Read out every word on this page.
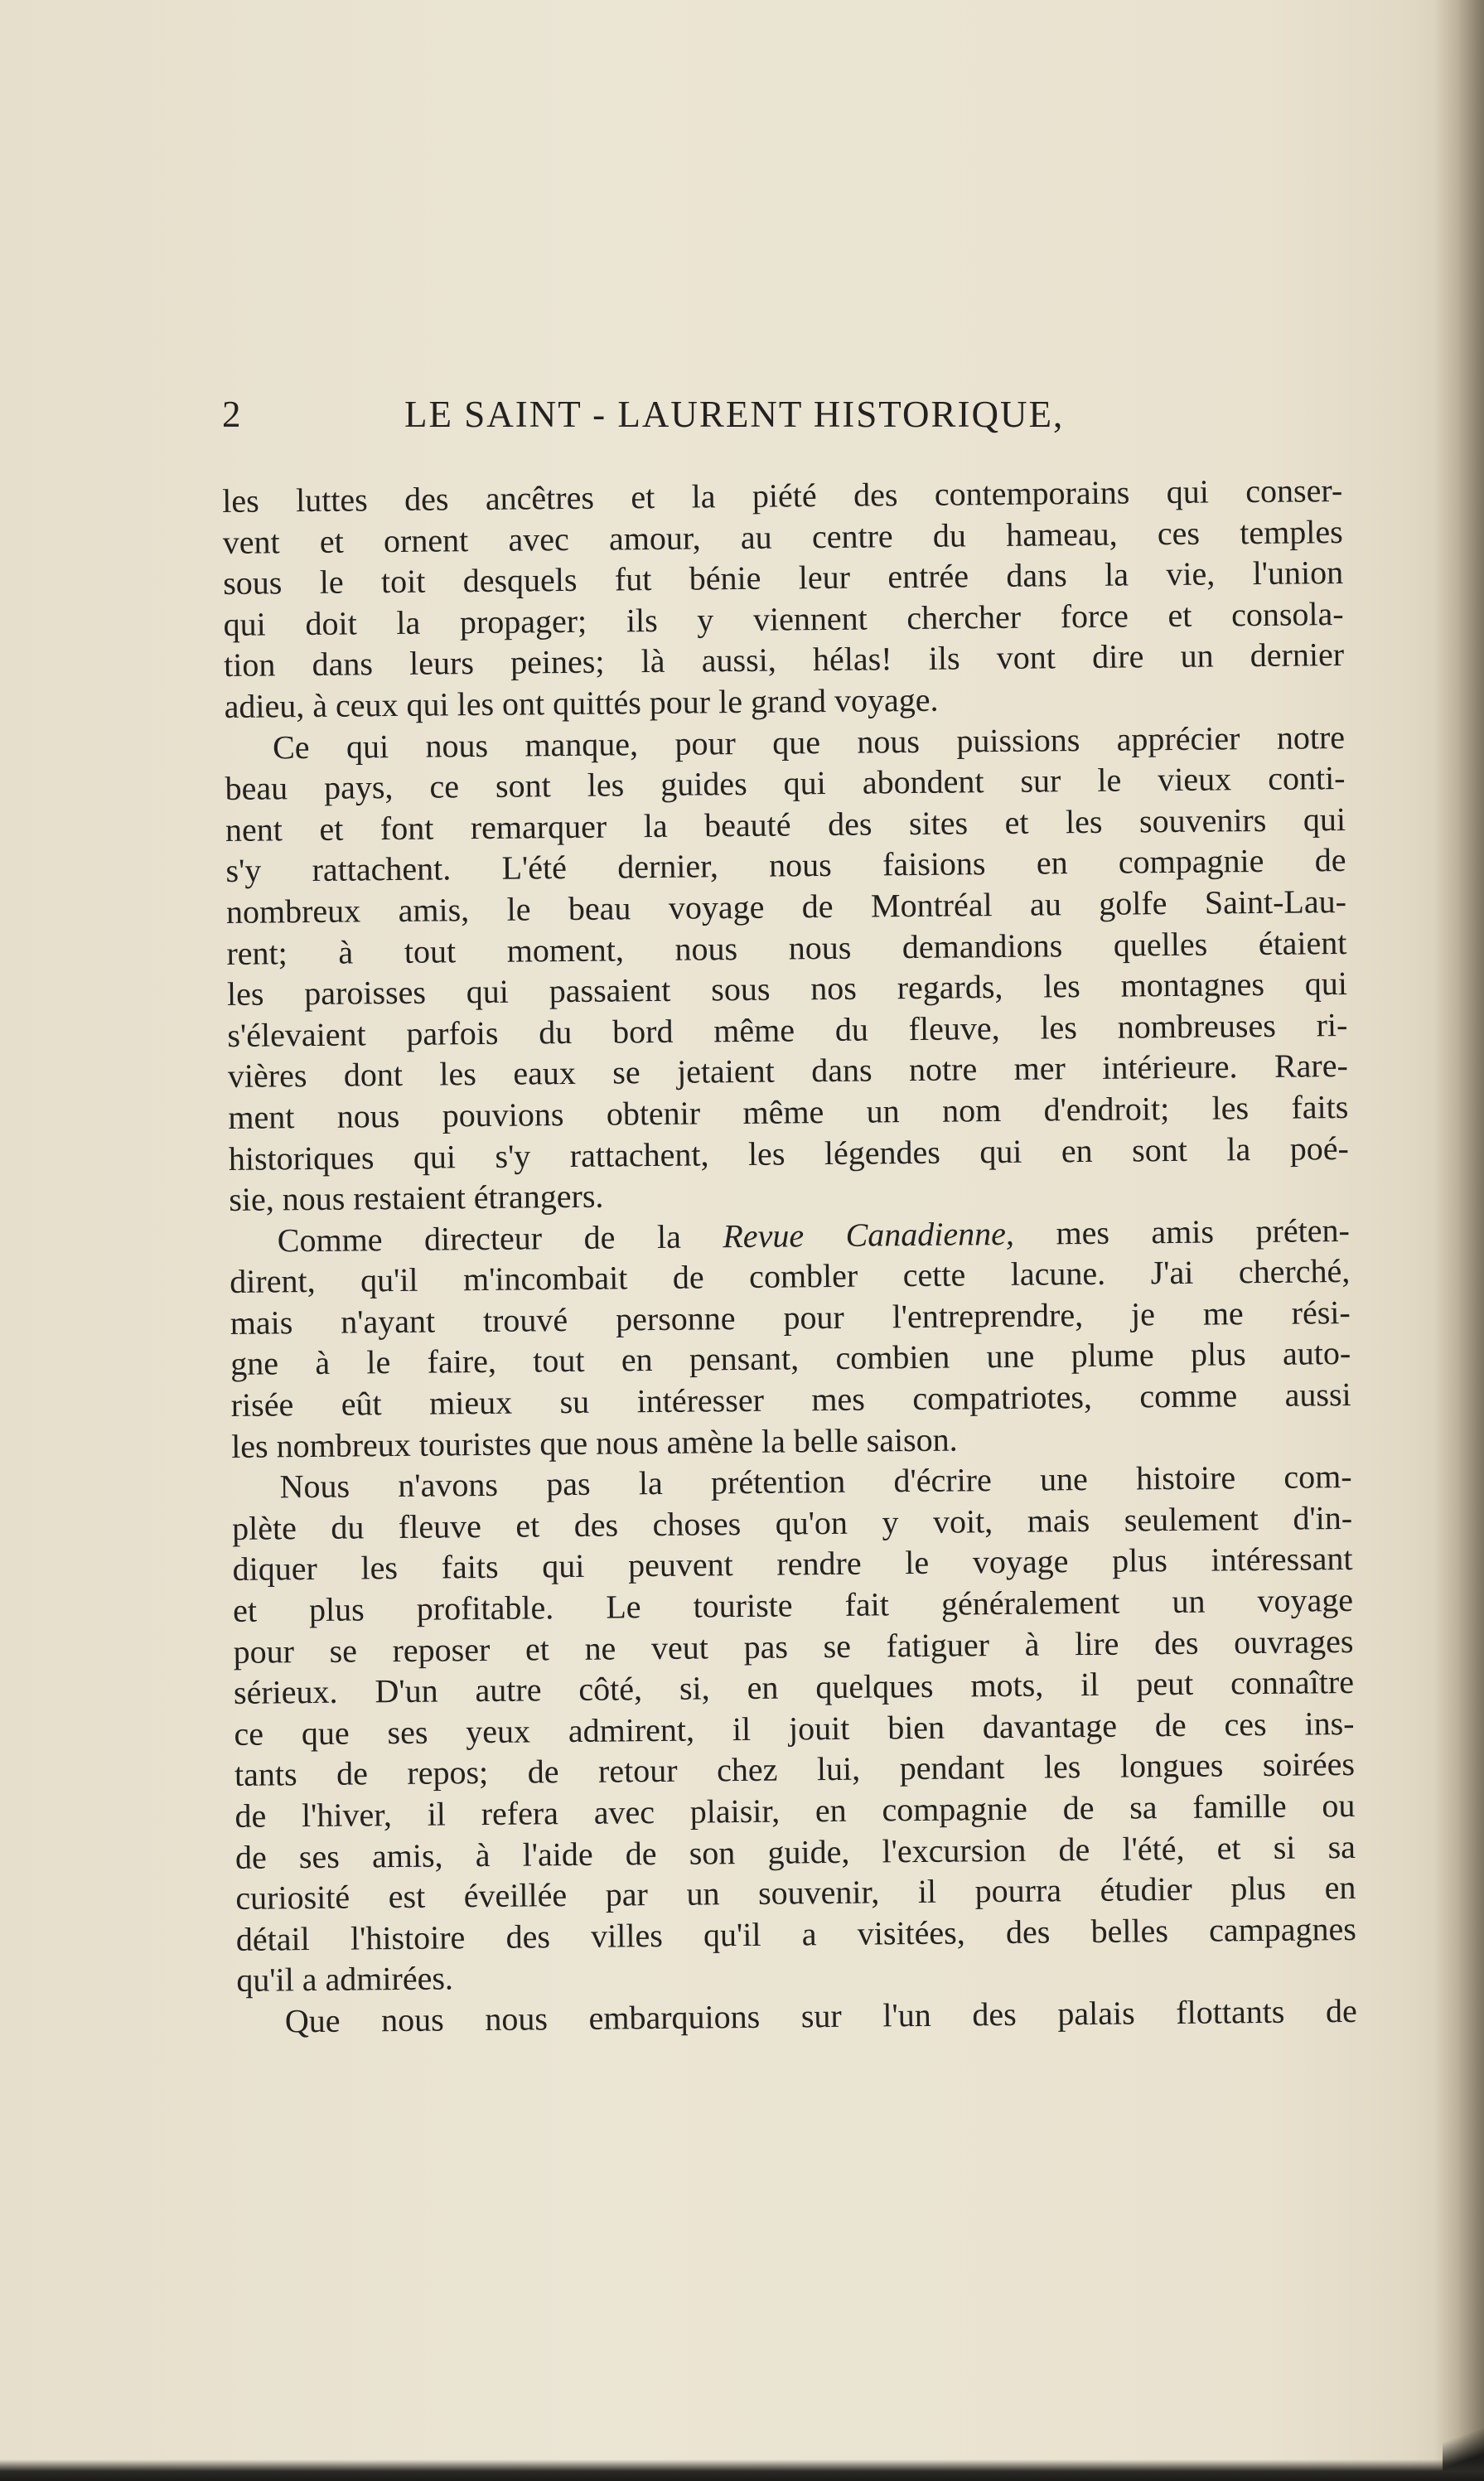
2	LE SAINT - LAURENT HISTORIQUE,
les luttes des ancêtres et la piété des contemporains qui conser-
vent et ornent avec amour, au centre du hameau, ces temples
sous le toit desquels fut bénie leur entrée dans la vie, l'union
qui doit la propager; ils y viennent chercher force et consola-
tion dans leurs peines; là aussi, hélas! ils vont dire un dernier
adieu, à ceux qui les ont quittés pour le grand voyage.
Ce qui nous manque, pour que nous puissions apprécier notre
beau pays, ce sont les guides qui abondent sur le vieux conti-
nent et font remarquer la beauté des sites et les souvenirs qui
s'y rattachent. L'été dernier, nous faisions en compagnie de
nombreux amis, le beau voyage de Montréal au golfe Saint-Lau-
rent; à tout moment, nous nous demandions quelles étaient
les paroisses qui passaient sous nos regards, les montagnes qui
s'élevaient parfois du bord même du fleuve, les nombreuses ri-
vières dont les eaux se jetaient dans notre mer intérieure. Rare-
ment nous pouvions obtenir même un nom d'endroit; les faits
historiques qui s'y rattachent, les légendes qui en sont la poé-
sie, nous restaient étrangers.
Comme directeur de la Revue Canadienne, mes amis préten-
dirent, qu'il m'incombait de combler cette lacune. J'ai cherché,
mais n'ayant trouvé personne pour l'entreprendre, je me rési-
gne à le faire, tout en pensant, combien une plume plus auto-
risée eût mieux su intéresser mes compatriotes, comme aussi
les nombreux touristes que nous amène la belle saison.
Nous n'avons pas la prétention d'écrire une histoire com-
plète du fleuve et des choses qu'on y voit, mais seulement d'in-
diquer les faits qui peuvent rendre le voyage plus intéressant
et plus profitable. Le touriste fait généralement un voyage
pour se reposer et ne veut pas se fatiguer à lire des ouvrages
sérieux. D'un autre côté, si, en quelques mots, il peut connaître
ce que ses yeux admirent, il jouit bien davantage de ces ins-
tants de repos; de retour chez lui, pendant les longues soirées
de l'hiver, il refera avec plaisir, en compagnie de sa famille ou
de ses amis, à l'aide de son guide, l'excursion de l'été, et si sa
curiosité est éveillée par un souvenir, il pourra étudier plus en
détail l'histoire des villes qu'il a visitées, des belles campagnes
qu'il a admirées.
Que nous nous embarquions sur l'un des palais flottants de
